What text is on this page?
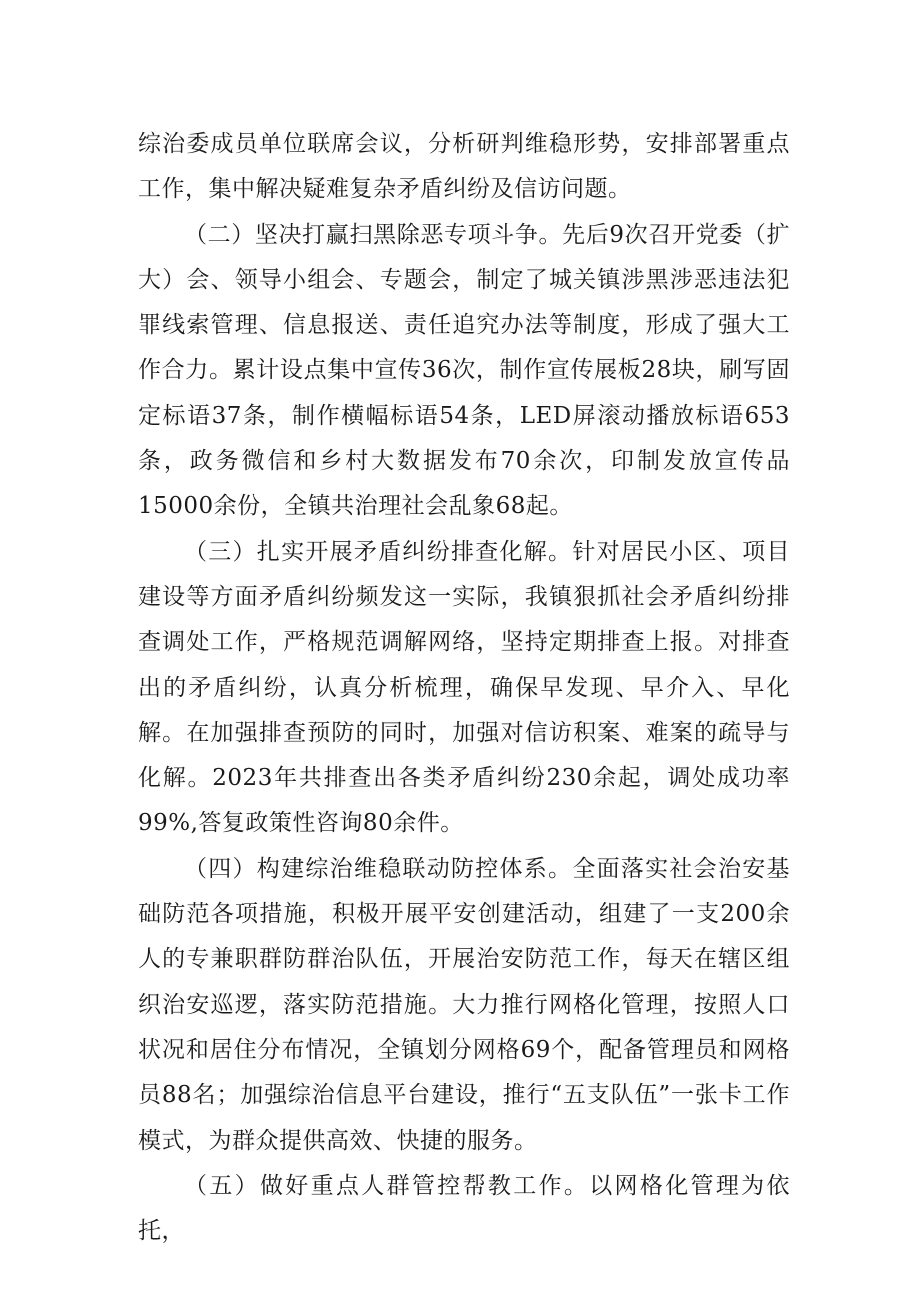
综治委成员单位联席会议，分析研判维稳形势，安排部署重点工作，集中解决疑难复杂矛盾纠纷及信访问题。

（二）坚决打赢扫黑除恶专项斗争。先后9次召开党委（扩大）会、领导小组会、专题会，制定了城关镇涉黑涉恶违法犯罪线索管理、信息报送、责任追究办法等制度，形成了强大工作合力。累计设点集中宣传36次，制作宣传展板28块，刷写固定标语37条，制作横幅标语54条，LED屏滚动播放标语653条，政务微信和乡村大数据发布70余次，印制发放宣传品15000余份，全镇共治理社会乱象68起。

（三）扎实开展矛盾纠纷排查化解。针对居民小区、项目建设等方面矛盾纠纷频发这一实际，我镇狠抓社会矛盾纠纷排查调处工作，严格规范调解网络，坚持定期排查上报。对排查出的矛盾纠纷，认真分析梳理，确保早发现、早介入、早化解。在加强排查预防的同时，加强对信访积案、难案的疏导与化解。2023年共排查出各类矛盾纠纷230余起，调处成功率99%,答复政策性咨询80余件。

（四）构建综治维稳联动防控体系。全面落实社会治安基础防范各项措施，积极开展平安创建活动，组建了一支200余人的专兼职群防群治队伍，开展治安防范工作，每天在辖区组织治安巡逻，落实防范措施。大力推行网格化管理，按照人口状况和居住分布情况，全镇划分网格69个，配备管理员和网格员88名；加强综治信息平台建设，推行“五支队伍”一张卡工作模式，为群众提供高效、快捷的服务。

（五）做好重点人群管控帮教工作。以网格化管理为依托，
